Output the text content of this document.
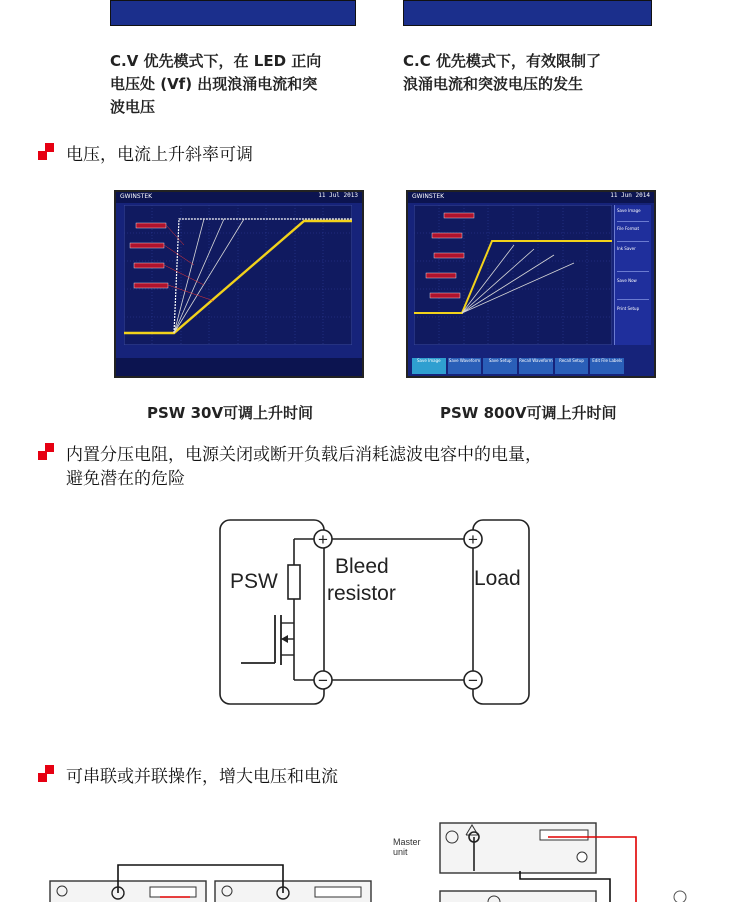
C.V 优先模式下，在 LED 正向
电压处 (Vf) 出现浪涌电流和突
波电压
C.C 优先模式下，有效限制了
浪涌电流和突波电压的发生
电压，电流上升斜率可调
GWINSTEK	11 Jul 2013	GWINSTEK	11 Jun 2014
Save Image
File Format
Ink Saver
Save Now
Print Setup
Save Image	Save Waveform	Save Setup	Recall Waveform	Recall Setup	Edit File Labels
PSW 30V可调上升时间	PSW 800V可调上升时间
内置分压电阻，电源关闭或断开负载后消耗滤波电容中的电量，
避免潜在的危险
+
−
+
−
PSW
Bleed
resistor
Load
可串联或并联操作，增大电压和电流
Master
unit
